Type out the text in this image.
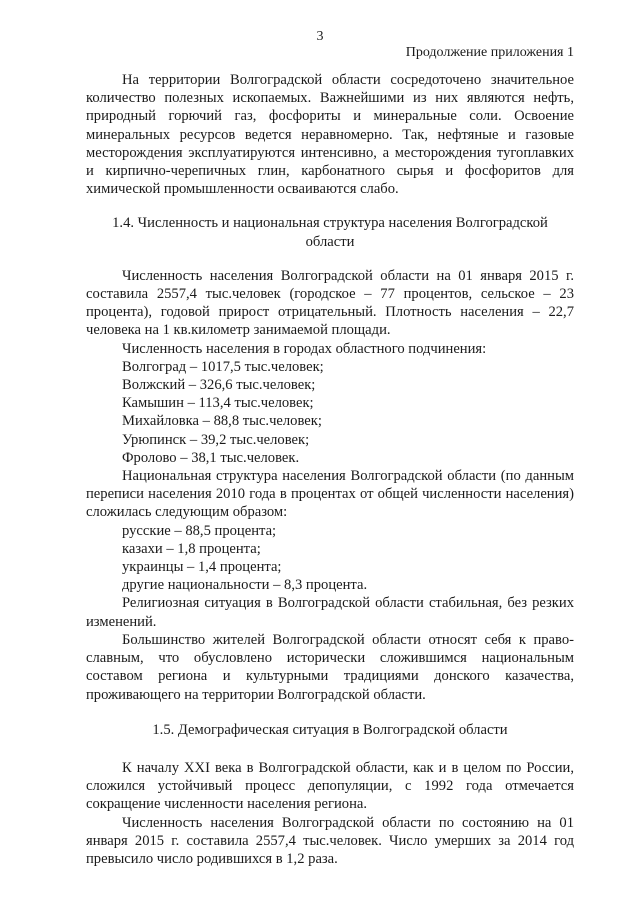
3
Продолжение приложения 1

На территории Волгоградской области сосредоточено значительное количество полезных ископаемых. Важнейшими из них являются нефть, природный горючий газ, фосфориты и минеральные соли. Освоение минеральных ресурсов ведется неравномерно. Так, нефтяные и газовые месторождения эксплуатируются интенсивно, а месторождения тугоплавких и кирпично-черепичных глин, карбонатного сырья и фосфоритов для химической промышленности осваиваются слабо.

1.4. Численность и национальная структура населения Волгоградской области

Численность населения Волгоградской области на 01 января 2015 г. составила 2557,4 тыс.человек (городское – 77 процентов, сельское – 23 процента), годовой прирост отрицательный. Плотность населения – 22,7 человека на 1 кв.километр занимаемой площади.

Численность населения в городах областного подчинения:

Волгоград – 1017,5 тыс.человек;
Волжский – 326,6 тыс.человек;
Камышин – 113,4 тыс.человек;
Михайловка – 88,8 тыс.человек;
Урюпинск – 39,2 тыс.человек;
Фролово – 38,1 тыс.человек.

Национальная структура населения Волгоградской области (по данным переписи населения 2010 года в процентах от общей численности населения) сложилась следующим образом:

русские – 88,5 процента;
казахи – 1,8 процента;
украинцы – 1,4 процента;
другие национальности – 8,3 процента.

Религиозная ситуация в Волгоградской области стабильная, без резких изменений.

Большинство жителей Волгоградской области относят себя к православным, что обусловлено исторически сложившимся национальным составом региона и культурными традициями донского казачества, проживающего на территории Волгоградской области.

1.5. Демографическая ситуация в Волгоградской области

К началу XXI века в Волгоградской области, как и в целом по России, сложился устойчивый процесс депопуляции, с 1992 года отмечается сокращение численности населения региона.

Численность населения Волгоградской области по состоянию на 01 января 2015 г. составила 2557,4 тыс.человек. Число умерших за 2014 год превысило число родившихся в 1,2 раза.
